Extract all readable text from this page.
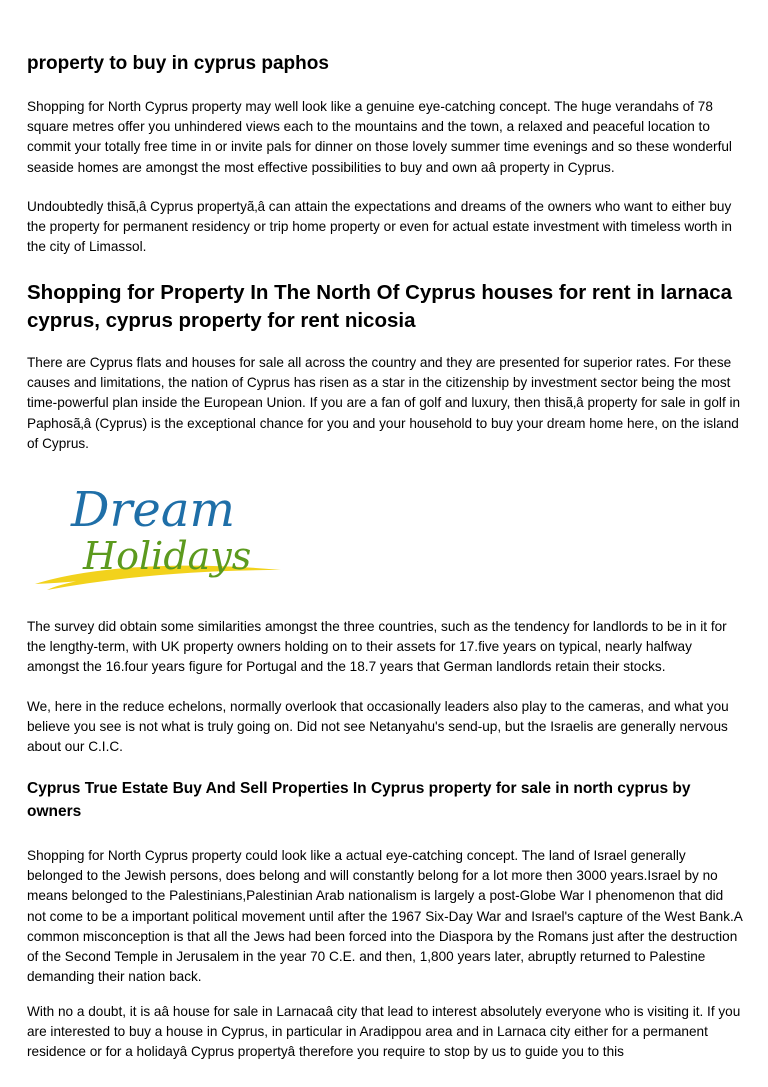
property to buy in cyprus paphos

Shopping for North Cyprus property may well look like a genuine eye-catching concept. The huge verandahs of 78 square metres offer you unhindered views each to the mountains and the town, a relaxed and peaceful location to commit your totally free time in or invite pals for dinner on those lovely summer time evenings and so these wonderful seaside homes are amongst the most effective possibilities to buy and own aâ property in Cyprus.

Undoubtedly thisã‚â Cyprus propertyã‚â can attain the expectations and dreams of the owners who want to either buy the property for permanent residency or trip home property or even for actual estate investment with timeless worth in the city of Limassol.

Shopping for Property In The North Of Cyprus houses for rent in larnaca cyprus, cyprus property for rent nicosia

There are Cyprus flats and houses for sale all across the country and they are presented for superior rates. For these causes and limitations, the nation of Cyprus has risen as a star in the citizenship by investment sector being the most time-powerful plan inside the European Union. If you are a fan of golf and luxury, then thisã‚â property for sale in golf in Paphosã‚â (Cyprus) is the exceptional chance for you and your household to buy your dream home here, on the island of Cyprus.

Dream
Holidays

The survey did obtain some similarities amongst the three countries, such as the tendency for landlords to be in it for the lengthy-term, with UK property owners holding on to their assets for 17.five years on typical, nearly halfway amongst the 16.four years figure for Portugal and the 18.7 years that German landlords retain their stocks.

We, here in the reduce echelons, normally overlook that occasionally leaders also play to the cameras, and what you believe you see is not what is truly going on. Did not see Netanyahu's send-up, but the Israelis are generally nervous about our C.I.C.

Cyprus True Estate Buy And Sell Properties In Cyprus property for sale in north cyprus by owners

Shopping for North Cyprus property could look like a actual eye-catching concept. The land of Israel generally belonged to the Jewish persons, does belong and will constantly belong for a lot more then 3000 years.Israel by no means belonged to the Palestinians,Palestinian Arab nationalism is largely a post-Globe War I phenomenon that did not come to be a important political movement until after the 1967 Six-Day War and Israel's capture of the West Bank.A common misconception is that all the Jews had been forced into the Diaspora by the Romans just after the destruction of the Second Temple in Jerusalem in the year 70 C.E. and then, 1,800 years later, abruptly returned to Palestine demanding their nation back.

With no a doubt, it is aâ house for sale in Larnacaâ city that lead to interest absolutely everyone who is visiting it. If you are interested to buy a house in Cyprus, in particular in Aradippou area and in Larnaca city either for a permanent residence or for a holidayâ Cyprus propertyâ therefore you require to stop by us to guide you to this
